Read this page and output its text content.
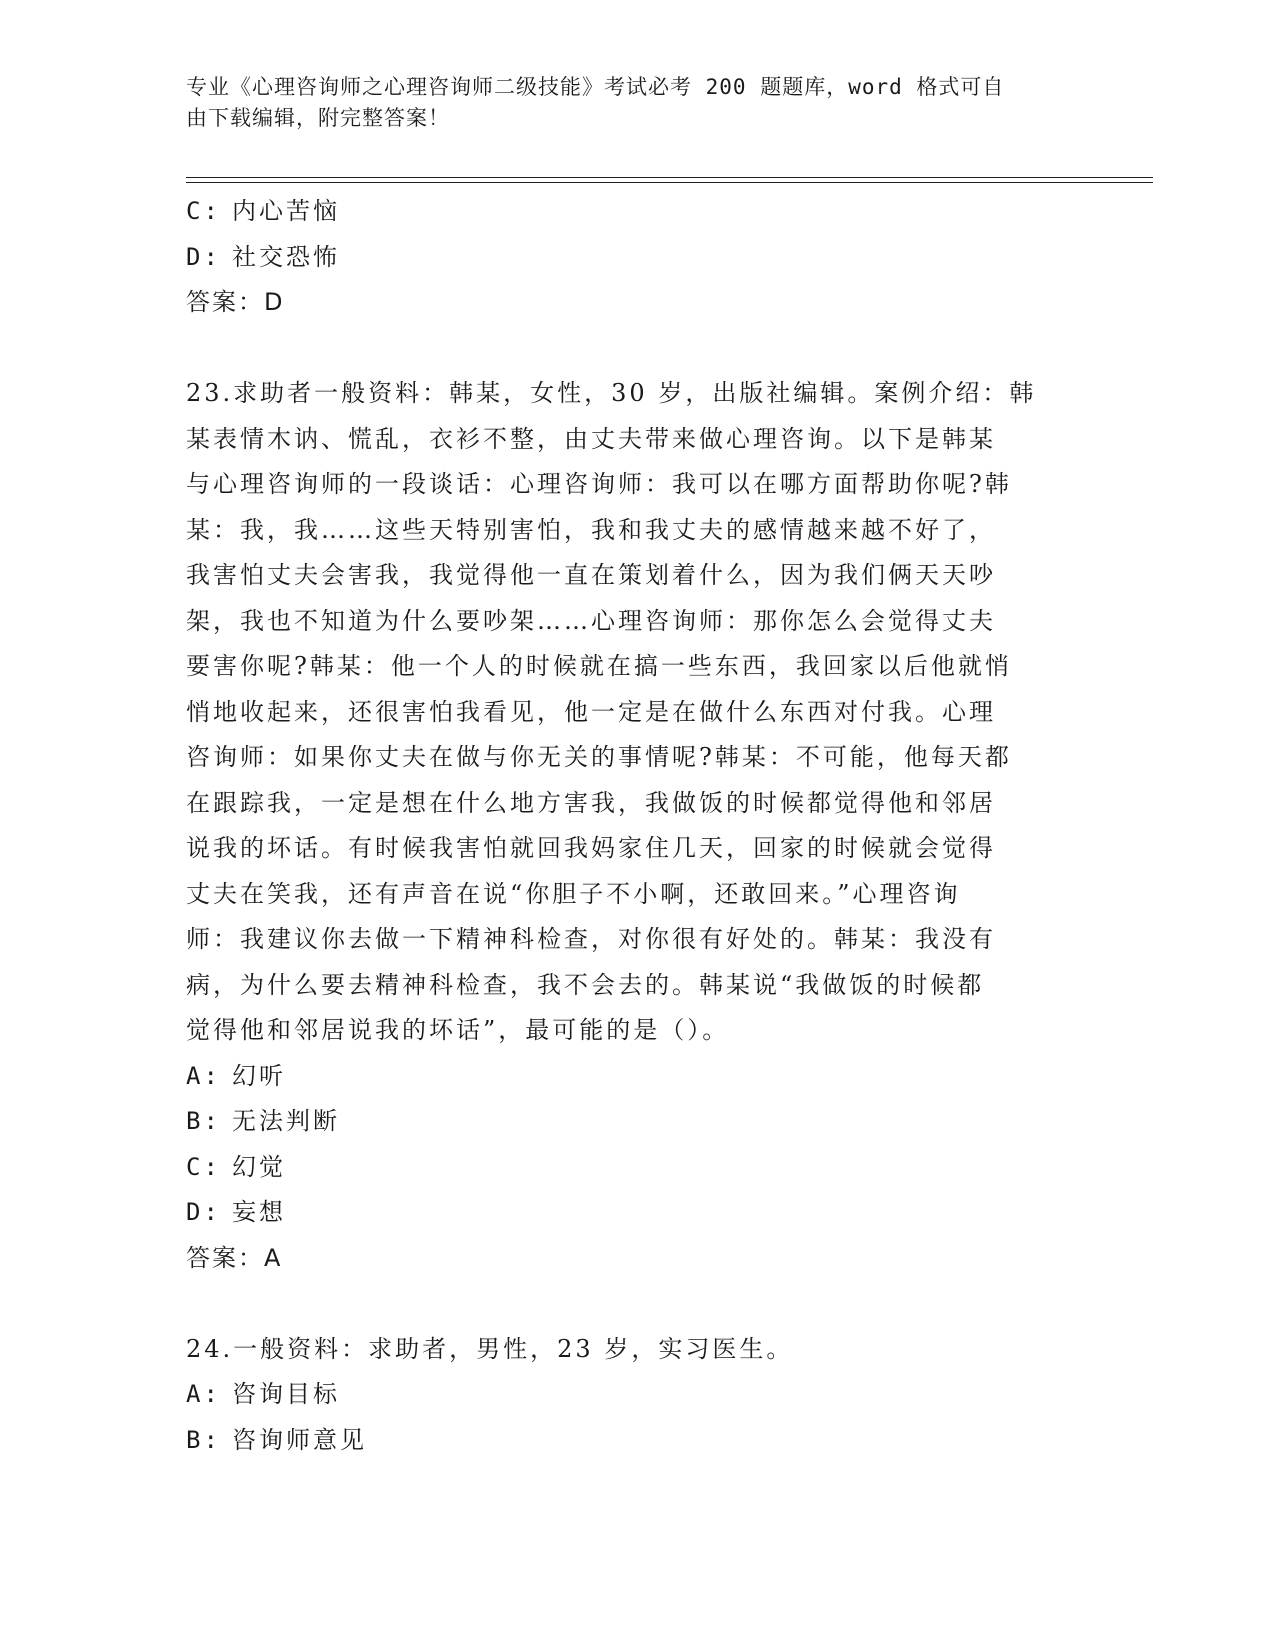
专业《心理咨询师之心理咨询师二级技能》考试必考 200 题题库，word 格式可自
由下载编辑，附完整答案！
C: 内心苦恼
D: 社交恐怖
答案：D
23.求助者一般资料：韩某，女性，30 岁，出版社编辑。案例介绍：韩
某表情木讷、慌乱，衣衫不整，由丈夫带来做心理咨询。以下是韩某
与心理咨询师的一段谈话：心理咨询师：我可以在哪方面帮助你呢?韩
某：我，我……这些天特别害怕，我和我丈夫的感情越来越不好了，
我害怕丈夫会害我，我觉得他一直在策划着什么，因为我们俩天天吵
架，我也不知道为什么要吵架……心理咨询师：那你怎么会觉得丈夫
要害你呢?韩某：他一个人的时候就在搞一些东西，我回家以后他就悄
悄地收起来，还很害怕我看见，他一定是在做什么东西对付我。心理
咨询师：如果你丈夫在做与你无关的事情呢?韩某：不可能，他每天都
在跟踪我，一定是想在什么地方害我，我做饭的时候都觉得他和邻居
说我的坏话。有时候我害怕就回我妈家住几天，回家的时候就会觉得
丈夫在笑我，还有声音在说“你胆子不小啊，还敢回来。”心理咨询
师：我建议你去做一下精神科检查，对你很有好处的。韩某：我没有
病，为什么要去精神科检查，我不会去的。韩某说“我做饭的时候都
觉得他和邻居说我的坏话”，最可能的是（）。
A: 幻听
B: 无法判断
C: 幻觉
D: 妄想
答案：A
24.一般资料：求助者，男性，23 岁，实习医生。
A: 咨询目标
B: 咨询师意见
